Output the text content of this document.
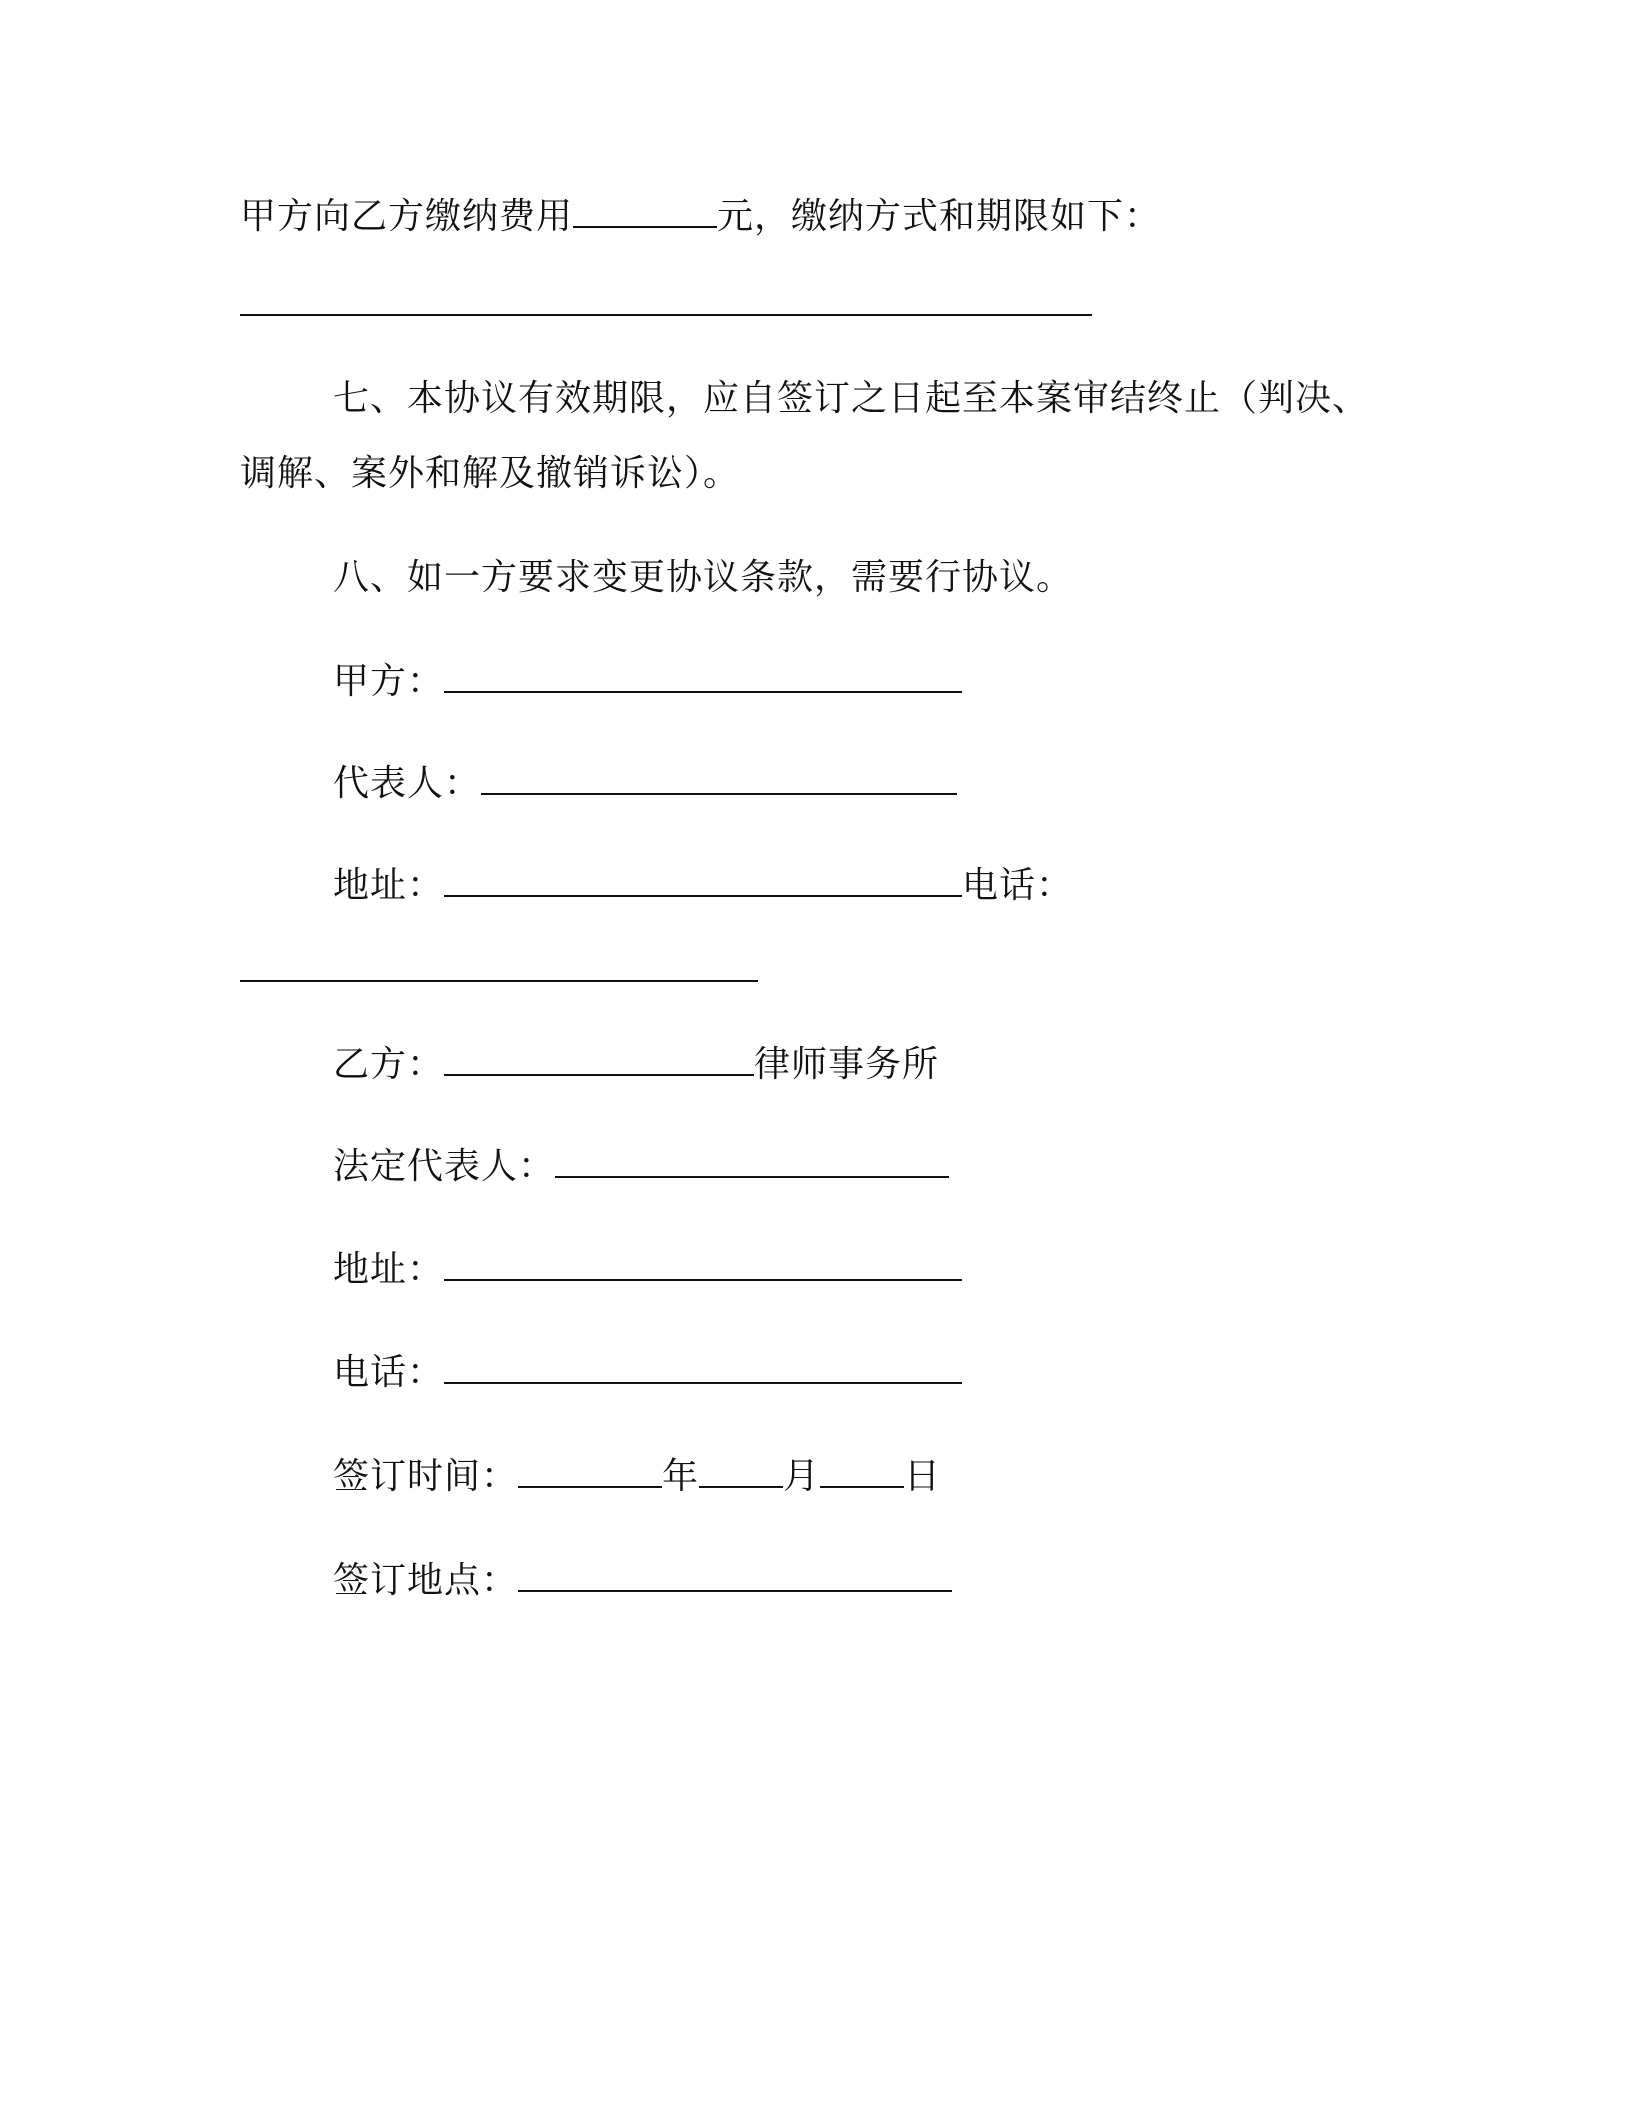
甲方向乙方缴纳费用	元，缴纳方式和期限如下：
七、本协议有效期限，应自签订之日起至本案审结终止（判决、
调解、案外和解及撤销诉讼）。
八、如一方要求变更协议条款，需要行协议。
甲方：
代表人：
地址：	电话：
乙方：	律师事务所
法定代表人：
地址：
电话：
签订时间：	年 月 日
签订地点：
